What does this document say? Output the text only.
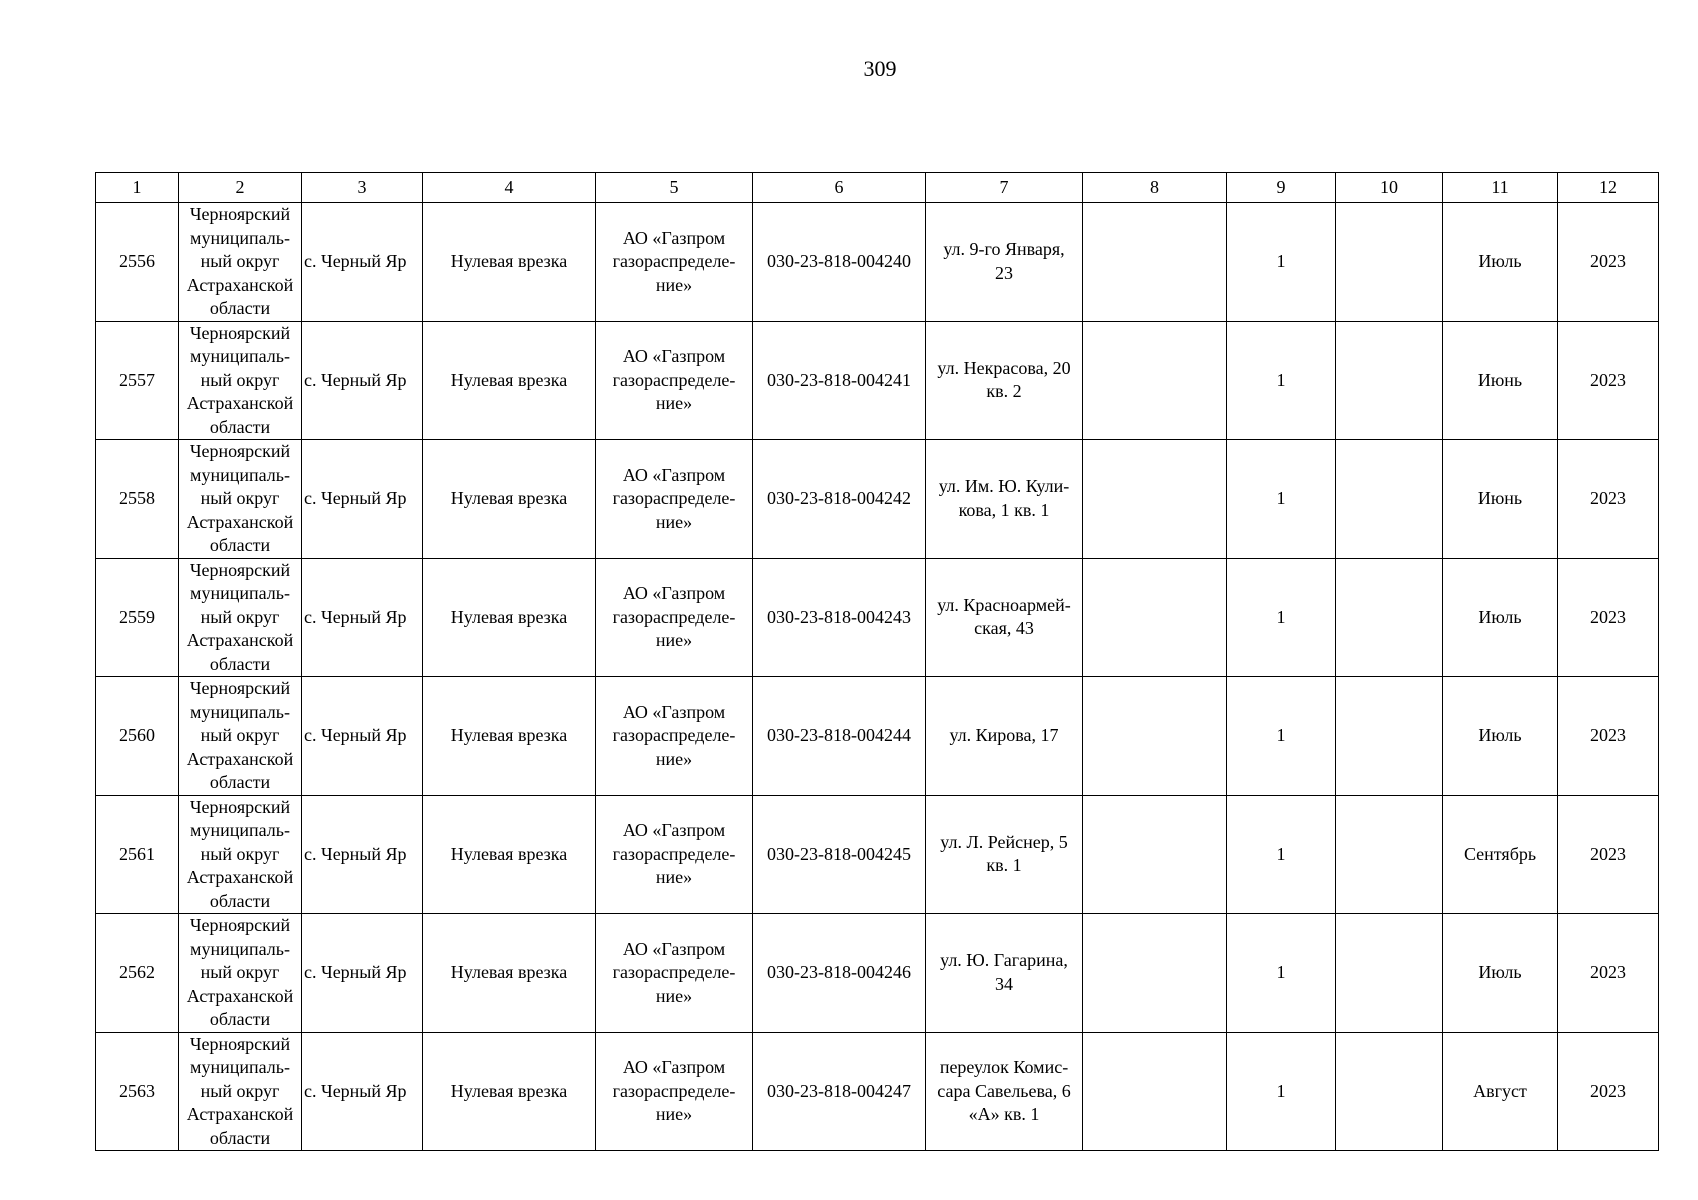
309
1	2	3	4	5	6	7	8	9	10	11	12
2556	Черноярский
муниципаль-
ный округ
Астраханской
области	с. Черный Яр	Нулевая врезка	АО «Газпром
газораспределе-
ние»	030-23-818-004240	ул. 9-го Января,
23		1		Июль	2023
2557	Черноярский
муниципаль-
ный округ
Астраханской
области	с. Черный Яр	Нулевая врезка	АО «Газпром
газораспределе-
ние»	030-23-818-004241	ул. Некрасова, 20
кв. 2		1		Июнь	2023
2558	Черноярский
муниципаль-
ный округ
Астраханской
области	с. Черный Яр	Нулевая врезка	АО «Газпром
газораспределе-
ние»	030-23-818-004242	ул. Им. Ю. Кули-
кова, 1 кв. 1		1		Июнь	2023
2559	Черноярский
муниципаль-
ный округ
Астраханской
области	с. Черный Яр	Нулевая врезка	АО «Газпром
газораспределе-
ние»	030-23-818-004243	ул. Красноармей-
ская, 43		1		Июль	2023
2560	Черноярский
муниципаль-
ный округ
Астраханской
области	с. Черный Яр	Нулевая врезка	АО «Газпром
газораспределе-
ние»	030-23-818-004244	ул. Кирова, 17		1		Июль	2023
2561	Черноярский
муниципаль-
ный округ
Астраханской
области	с. Черный Яр	Нулевая врезка	АО «Газпром
газораспределе-
ние»	030-23-818-004245	ул. Л. Рейснер, 5
кв. 1		1		Сентябрь	2023
2562	Черноярский
муниципаль-
ный округ
Астраханской
области	с. Черный Яр	Нулевая врезка	АО «Газпром
газораспределе-
ние»	030-23-818-004246	ул. Ю. Гагарина,
34		1		Июль	2023
2563	Черноярский
муниципаль-
ный округ
Астраханской
области	с. Черный Яр	Нулевая врезка	АО «Газпром
газораспределе-
ние»	030-23-818-004247	переулок Комис-
сара Савельева, 6
«А» кв. 1		1		Август	2023
